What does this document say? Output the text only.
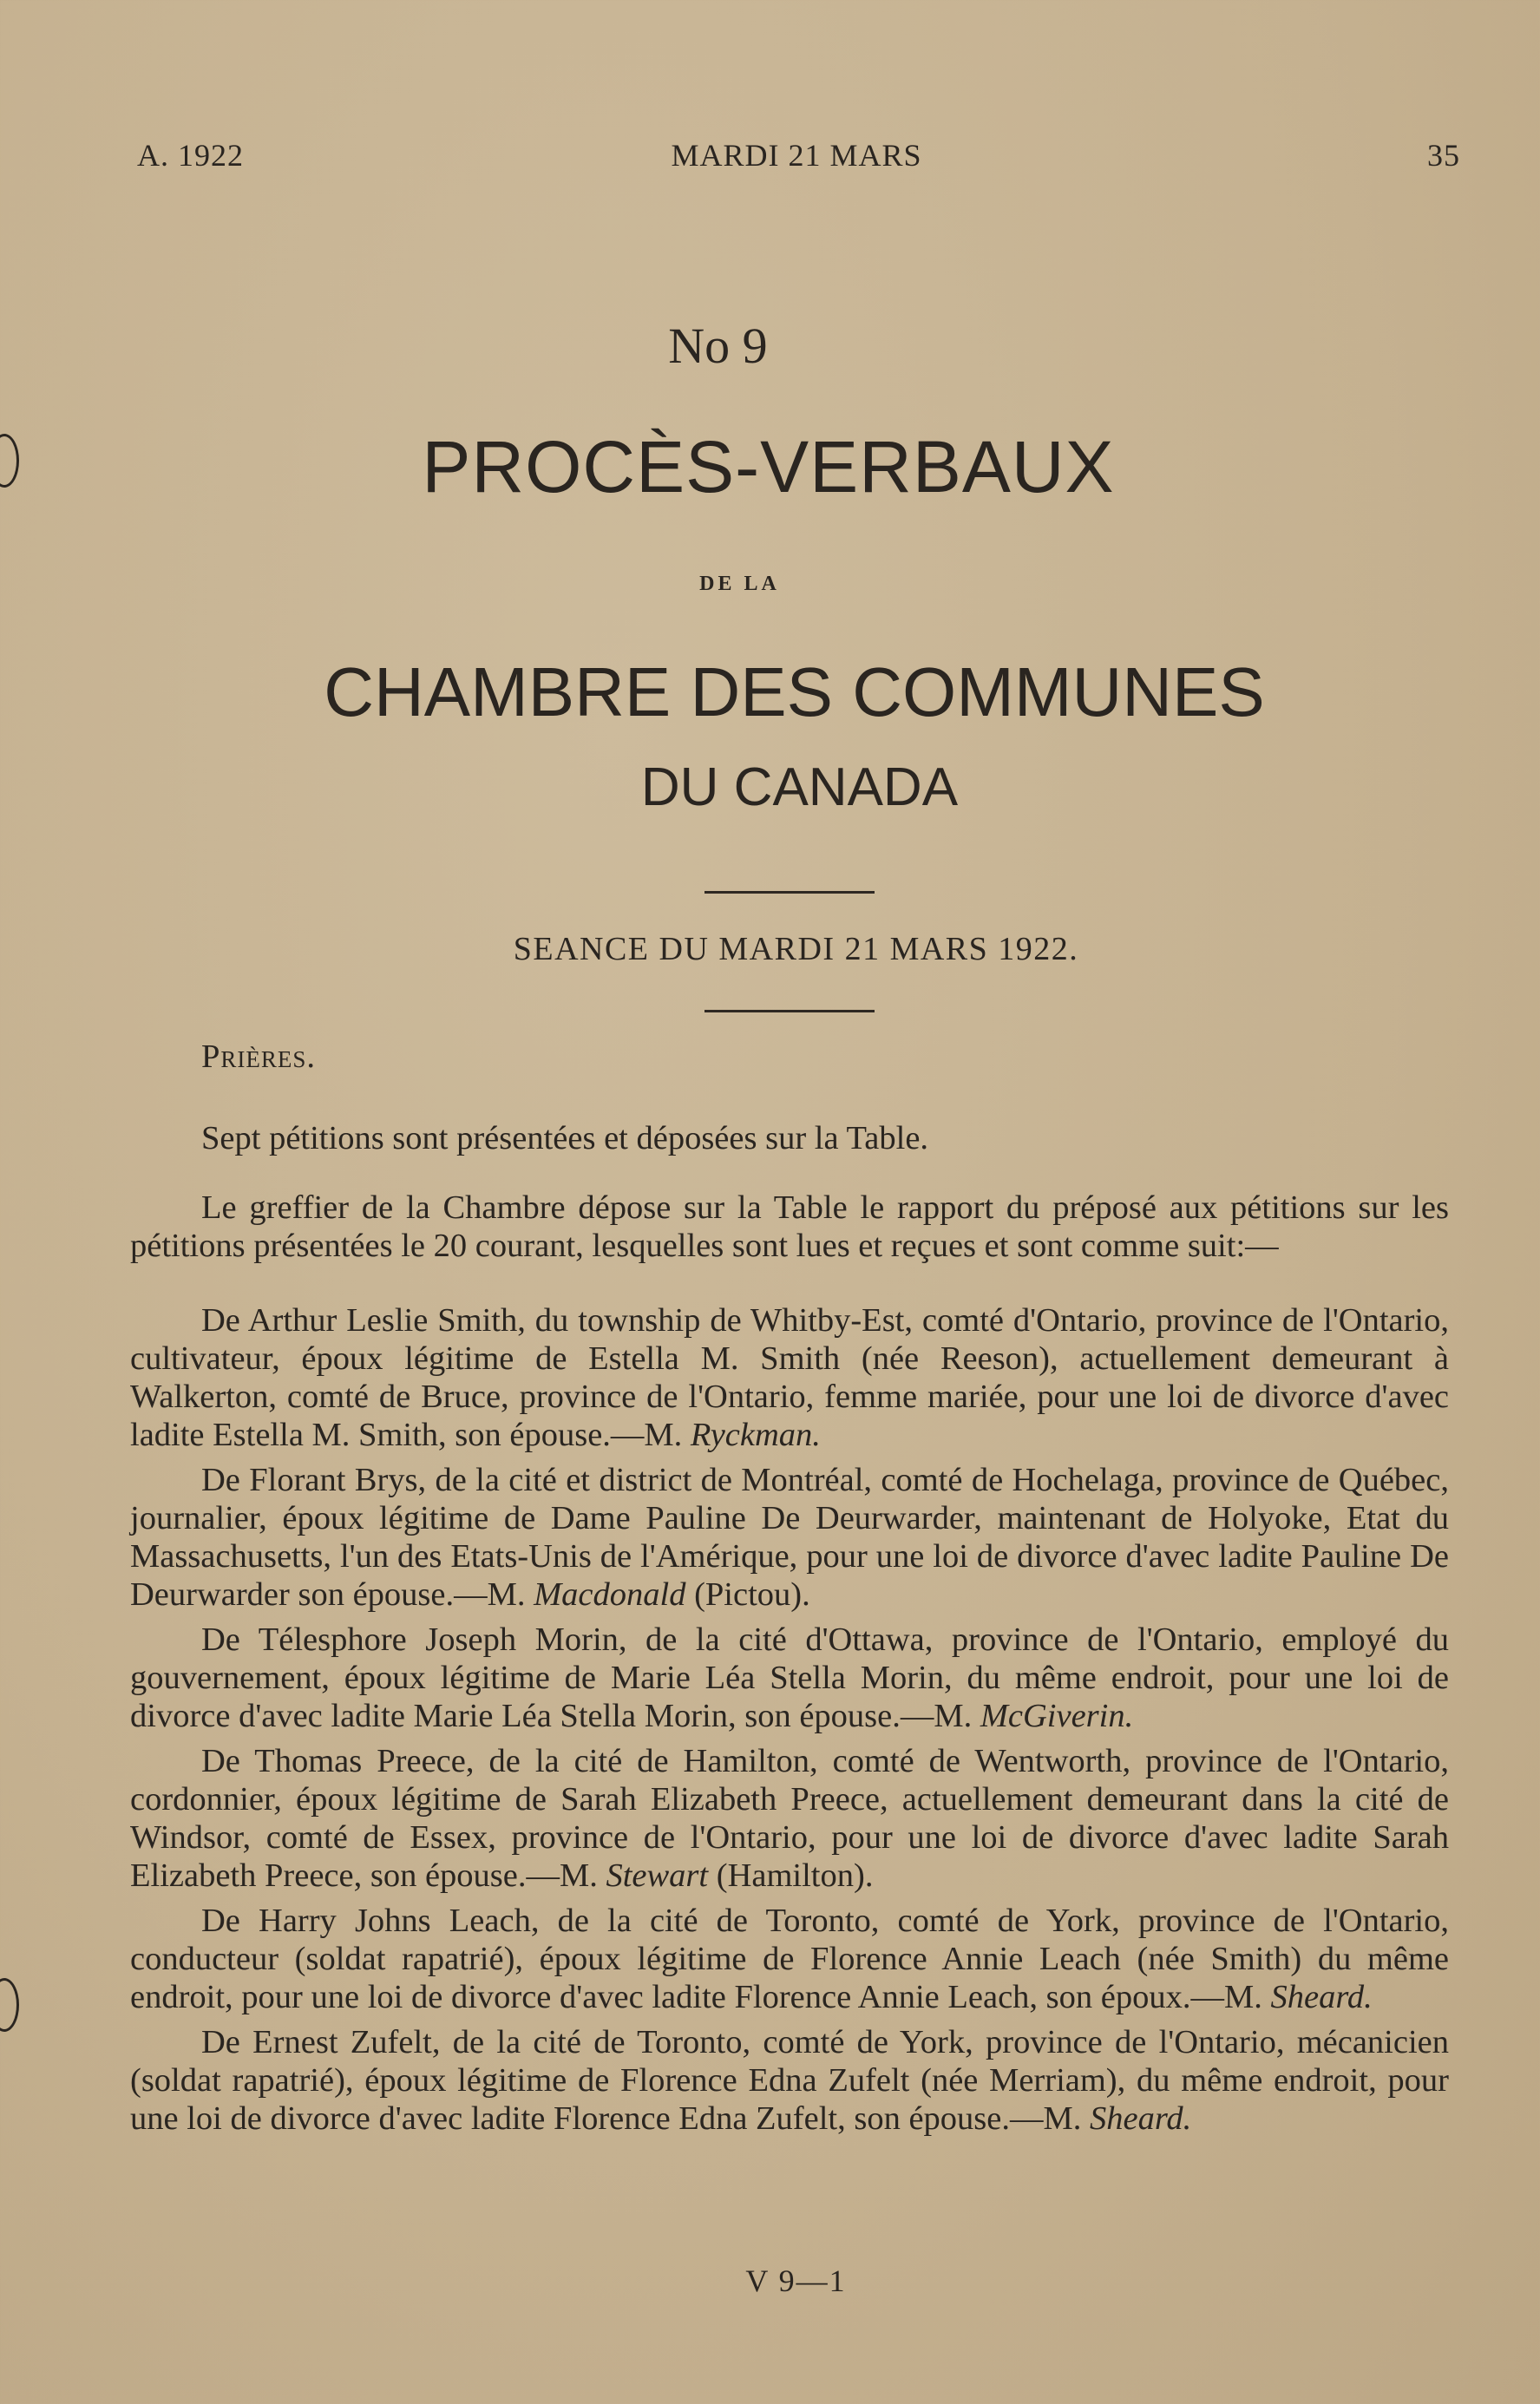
A. 1922	MARDI 21 MARS	35
No 9
PROCÈS-VERBAUX
DE LA
CHAMBRE DES COMMUNES
DU CANADA
SEANCE DU MARDI 21 MARS 1922.

Prières.

Sept pétitions sont présentées et déposées sur la Table.

Le greffier de la Chambre dépose sur la Table le rapport du préposé aux pétitions sur les pétitions présentées le 20 courant, lesquelles sont lues et reçues et sont comme suit:—

De Arthur Leslie Smith, du township de Whitby-Est, comté d'Ontario, province de l'Ontario, cultivateur, époux légitime de Estella M. Smith (née Reeson), actuellement demeurant à Walkerton, comté de Bruce, province de l'Ontario, femme mariée, pour une loi de divorce d'avec ladite Estella M. Smith, son épouse.—M. Ryckman.

De Florant Brys, de la cité et district de Montréal, comté de Hochelaga, province de Québec, journalier, époux légitime de Dame Pauline De Deurwarder, maintenant de Holyoke, Etat du Massachusetts, l'un des Etats-Unis de l'Amérique, pour une loi de divorce d'avec ladite Pauline De Deurwarder son épouse.—M. Macdonald (Pictou).

De Télesphore Joseph Morin, de la cité d'Ottawa, province de l'Ontario, employé du gouvernement, époux légitime de Marie Léa Stella Morin, du même endroit, pour une loi de divorce d'avec ladite Marie Léa Stella Morin, son épouse.—M. McGiverin.

De Thomas Preece, de la cité de Hamilton, comté de Wentworth, province de l'Ontario, cordonnier, époux légitime de Sarah Elizabeth Preece, actuellement demeurant dans la cité de Windsor, comté de Essex, province de l'Ontario, pour une loi de divorce d'avec ladite Sarah Elizabeth Preece, son épouse.—M. Stewart (Hamilton).

De Harry Johns Leach, de la cité de Toronto, comté de York, province de l'Ontario, conducteur (soldat rapatrié), époux légitime de Florence Annie Leach (née Smith) du même endroit, pour une loi de divorce d'avec ladite Florence Annie Leach, son époux.—M. Sheard.

De Ernest Zufelt, de la cité de Toronto, comté de York, province de l'Ontario, mécanicien (soldat rapatrié), époux légitime de Florence Edna Zufelt (née Merriam), du même endroit, pour une loi de divorce d'avec ladite Florence Edna Zufelt, son épouse.—M. Sheard.

V 9—1
